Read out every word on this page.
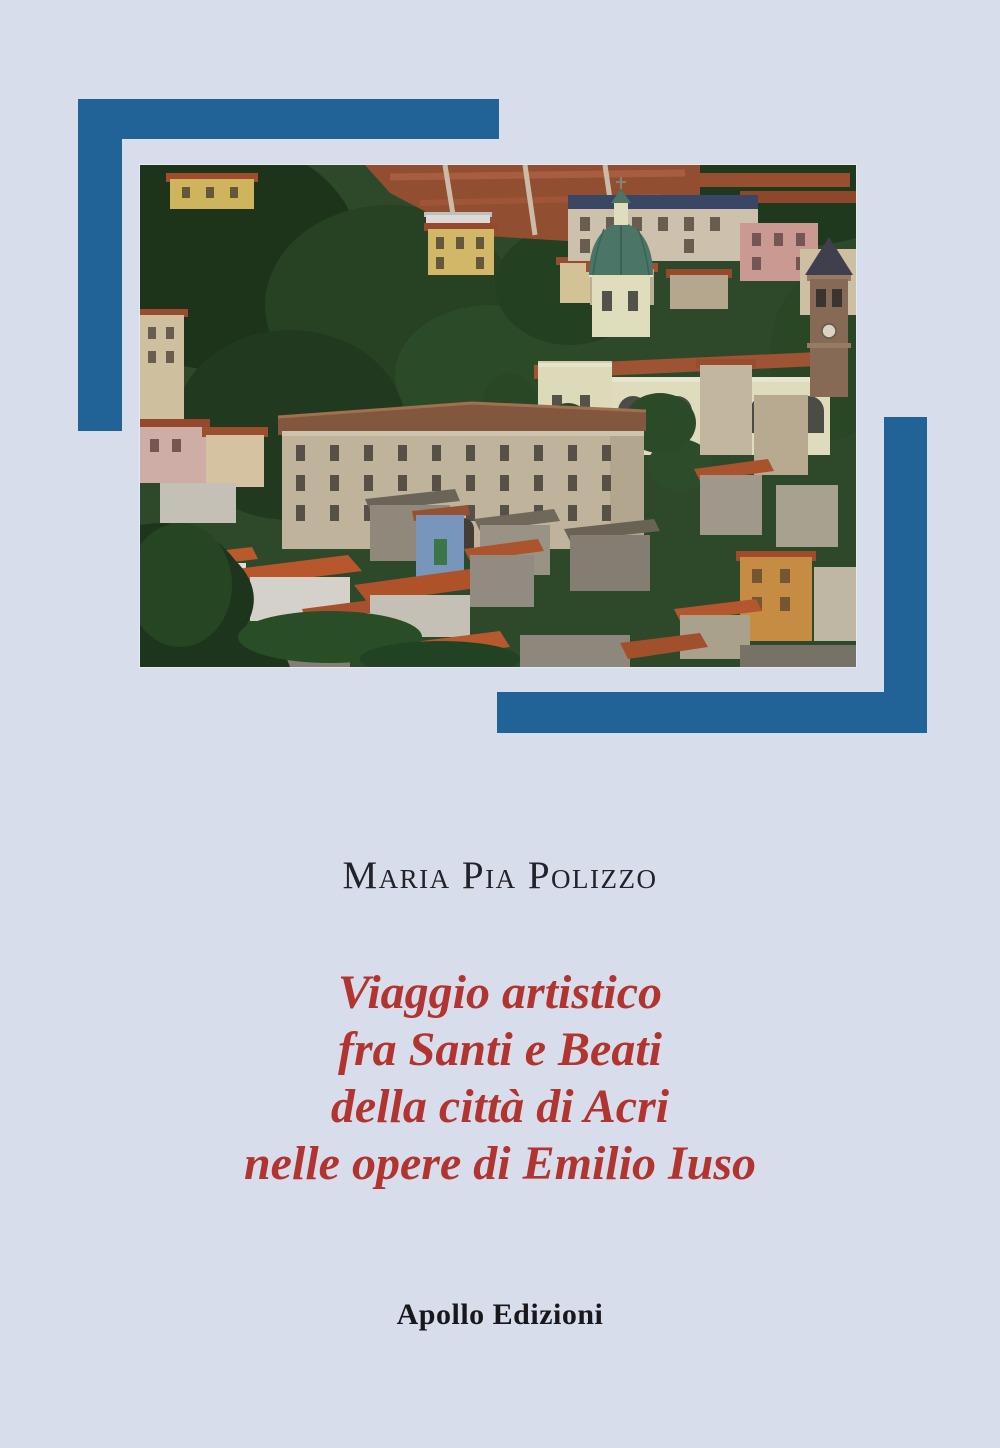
Maria Pia Polizzo
Viaggio artistico
fra Santi e Beati
della città di Acri
nelle opere di Emilio Iuso
Apollo Edizioni
